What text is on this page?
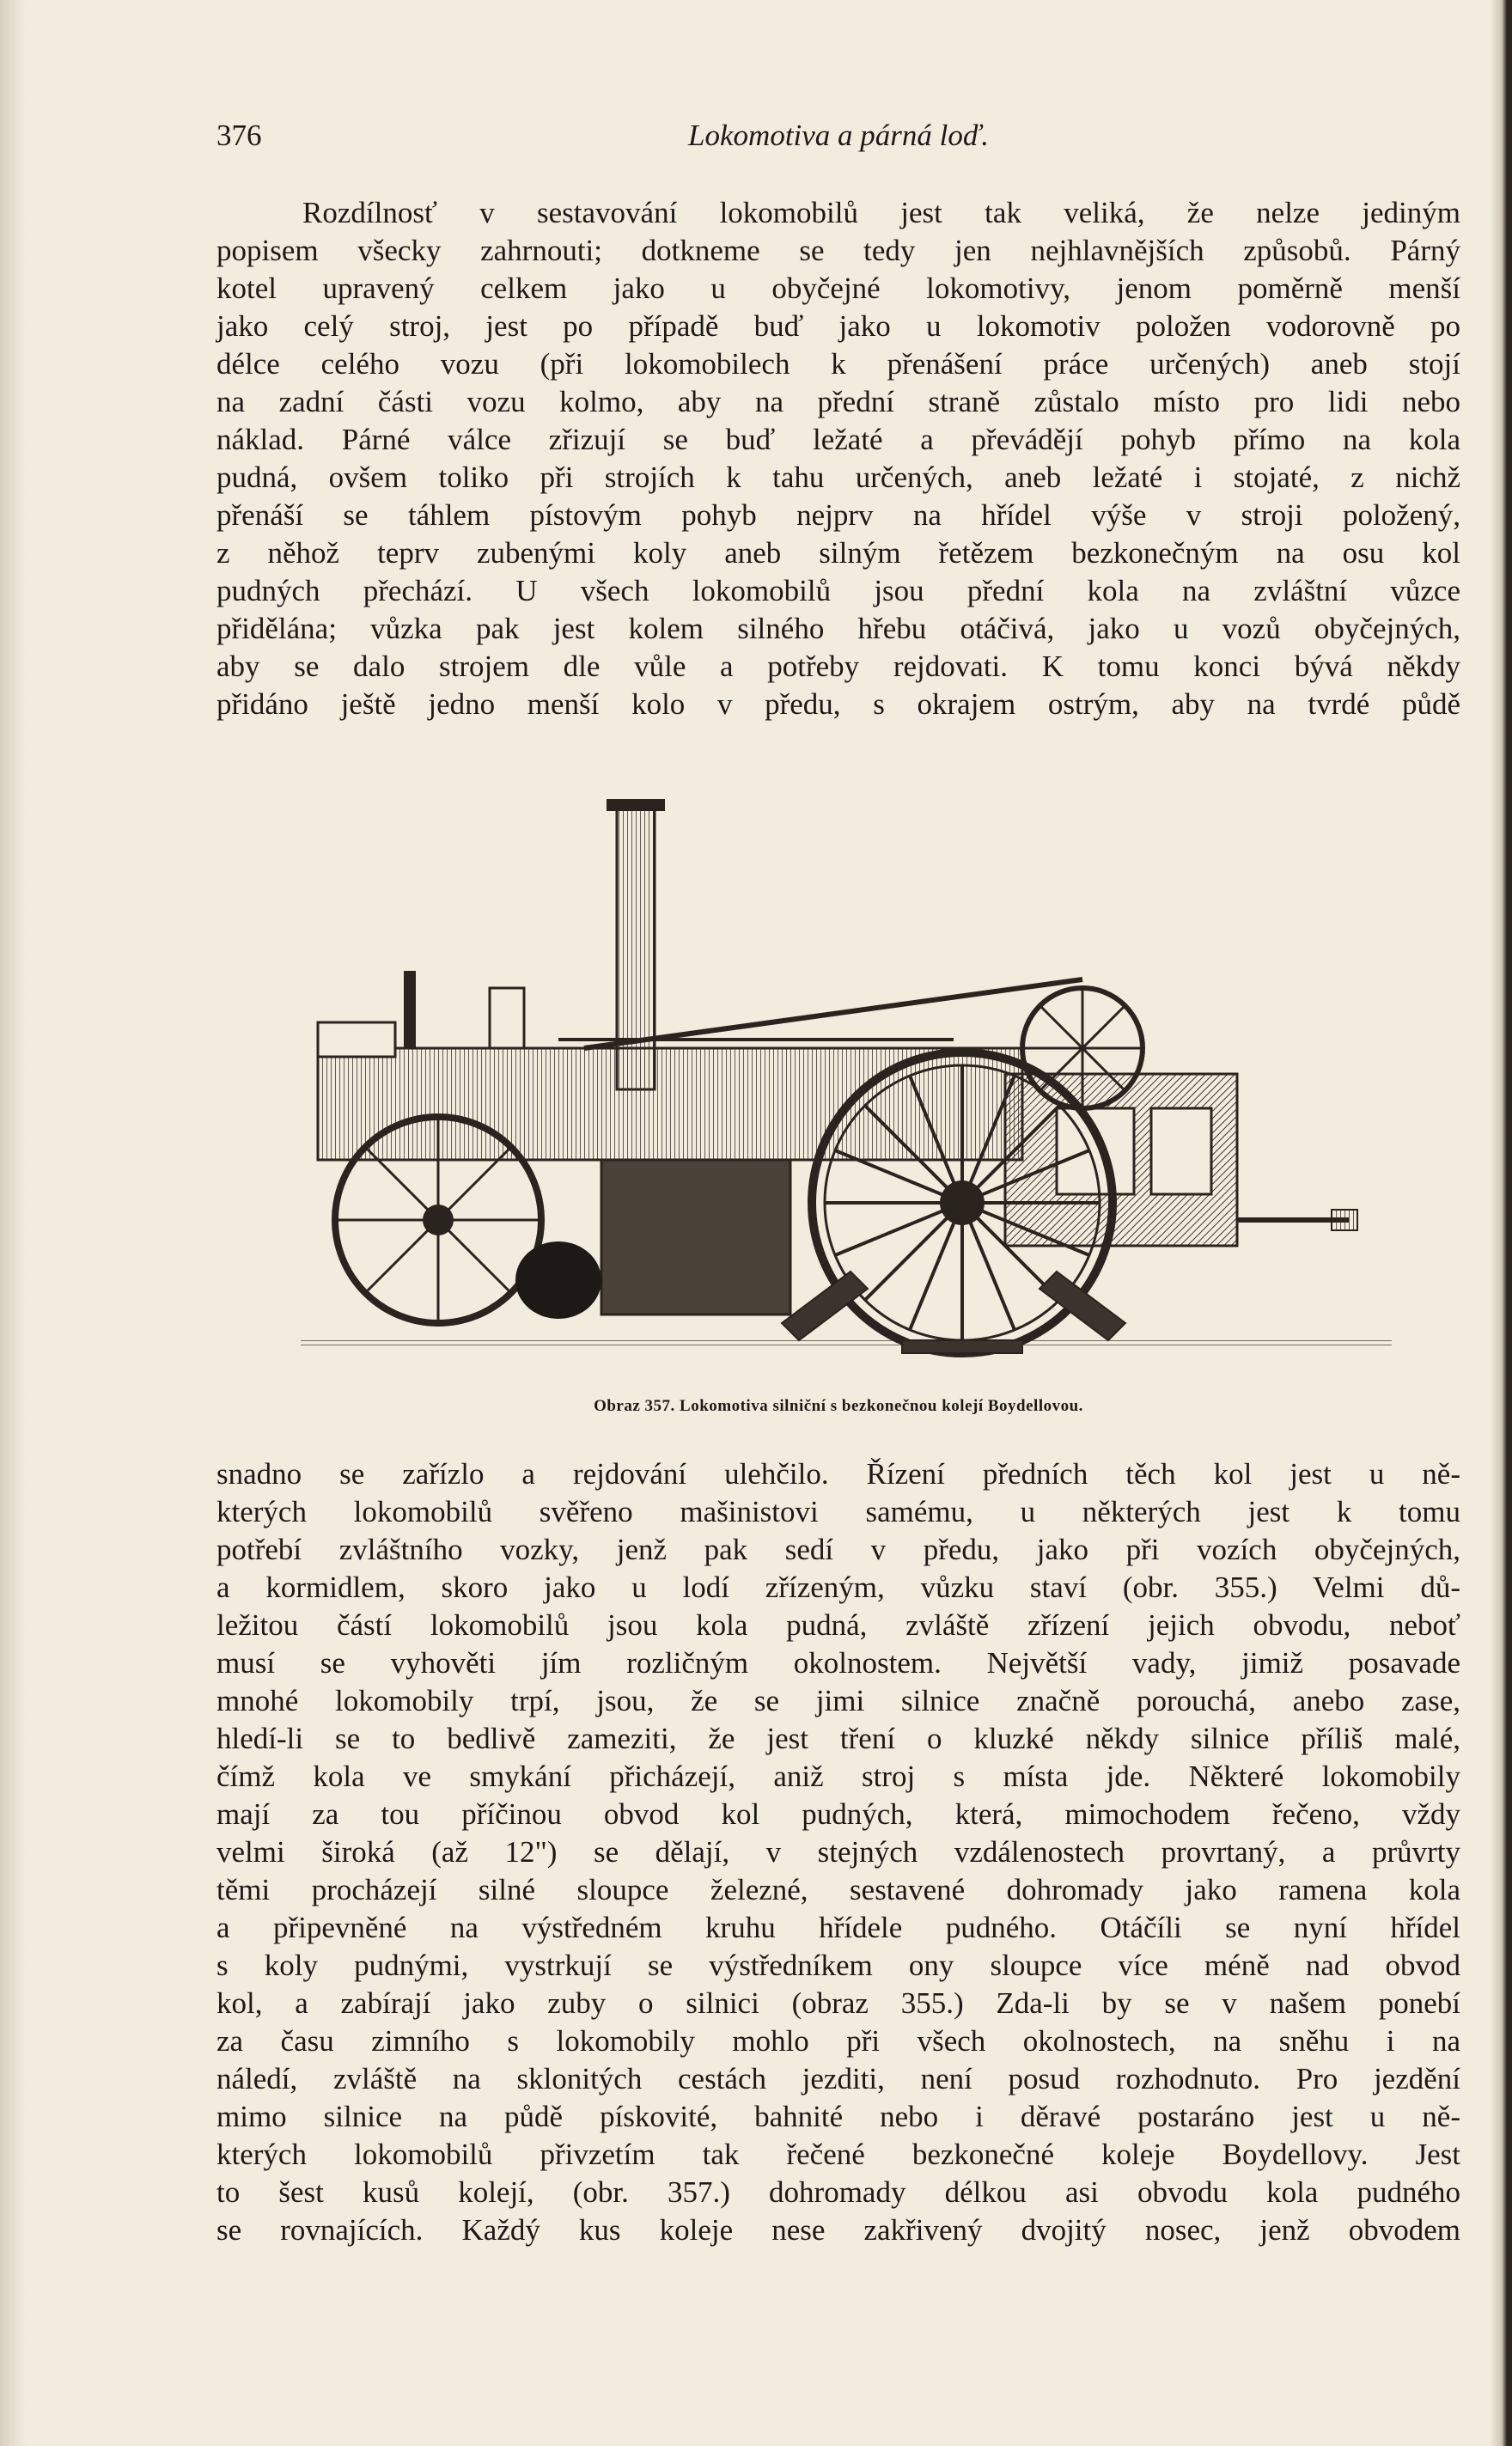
376	Lokomotiva a párná loď.
Rozdílnosť v sestavování lokomobilů jest tak veliká, že nelze jediným
popisem všecky zahrnouti; dotkneme se tedy jen nejhlavnějších způsobů. Párný
kotel upravený celkem jako u obyčejné lokomotivy, jenom poměrně menší
jako celý stroj, jest po případě buď jako u lokomotiv položen vodorovně po
délce celého vozu (při lokomobilech k přenášení práce určených) aneb stojí
na zadní části vozu kolmo, aby na přední straně zůstalo místo pro lidi nebo
náklad. Párné válce zřizují se buď ležaté a převádějí pohyb přímo na kola
pudná, ovšem toliko při strojích k tahu určených, aneb ležaté i stojaté, z nichž
přenáší se táhlem pístovým pohyb nejprv na hřídel výše v stroji položený,
z něhož teprv zubenými koly aneb silným řetězem bezkonečným na osu kol
pudných přechází. U všech lokomobilů jsou přední kola na zvláštní vůzce
přidělána; vůzka pak jest kolem silného hřebu otáčivá, jako u vozů obyčejných,
aby se dalo strojem dle vůle a potřeby rejdovati. K tomu konci bývá někdy
přidáno ještě jedno menší kolo v předu, s okrajem ostrým, aby na tvrdé půdě
Obraz 357. Lokomotiva silniční s bezkonečnou kolejí Boydellovou.
snadno se zařízlo a rejdování ulehčilo. Řízení předních těch kol jest u ně-
kterých lokomobilů svěřeno mašinistovi samému, u některých jest k tomu
potřebí zvláštního vozky, jenž pak sedí v předu, jako při vozích obyčejných,
a kormidlem, skoro jako u lodí zřízeným, vůzku staví (obr. 355.) Velmi dů-
ležitou částí lokomobilů jsou kola pudná, zvláště zřízení jejich obvodu, neboť
musí se vyhověti jím rozličným okolnostem. Největší vady, jimiž posavade
mnohé lokomobily trpí, jsou, že se jimi silnice značně porouchá, anebo zase,
hledí-li se to bedlivě zameziti, že jest tření o kluzké někdy silnice příliš malé,
čímž kola ve smykání přicházejí, aniž stroj s místa jde. Některé lokomobily
mají za tou příčinou obvod kol pudných, která, mimochodem řečeno, vždy
velmi široká (až 12") se dělají, v stejných vzdálenostech provrtaný, a průvrty
těmi procházejí silné sloupce železné, sestavené dohromady jako ramena kola
a připevněné na výstředném kruhu hřídele pudného. Otáčíli se nyní hřídel
s koly pudnými, vystrkují se výstředníkem ony sloupce více méně nad obvod
kol, a zabírají jako zuby o silnici (obraz 355.) Zda-li by se v našem ponebí
za času zimního s lokomobily mohlo při všech okolnostech, na sněhu i na
náledí, zvláště na sklonitých cestách jezditi, není posud rozhodnuto. Pro jezdění
mimo silnice na půdě pískovité, bahnité nebo i děravé postaráno jest u ně-
kterých lokomobilů přivzetím tak řečené bezkonečné koleje Boydellovy. Jest
to šest kusů kolejí, (obr. 357.) dohromady délkou asi obvodu kola pudného
se rovnajících. Každý kus koleje nese zakřivený dvojitý nosec, jenž obvodem
